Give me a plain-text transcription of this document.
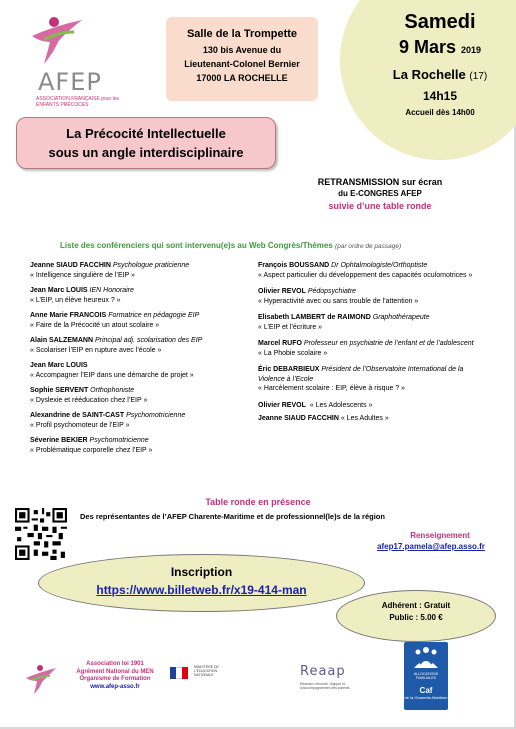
AFEP
ASSOCIATION FRANÇAISE pour les ENFANTS PRÉCOCES
Salle de la Trompette
130 bis Avenue du
Lieutenant-Colonel Bernier
17000 LA ROCHELLE
Samedi
9 Mars 2019
La Rochelle (17)
14h15
Accueil dès 14h00
La Précocité Intellectuelle
sous un angle interdisciplinaire
RETRANSMISSION sur écran
du E-CONGRES AFEP
suivie d’une table ronde
Liste des conférenciers qui sont intervenu(e)s au Web Congrès/Thèmes (par ordre de passage)
Jeanne SIAUD FACCHIN Psychologue praticienne
« Intelligence singulière de l’EIP »
Jean Marc LOUIS IEN Honoraire
« L’EIP, un élève heureux ? »
Anne Marie FRANCOIS Formatrice en pédagogie EIP
« Faire de la Précocité un atout scolaire »
Alain SALZEMANN Principal adj. scolarisation des EIP
« Scolariser l’EIP en rupture avec l’école »
Jean Marc LOUIS
« Accompagner l’EIP dans une démarche de projet »
Sophie SERVENT Orthophoniste
« Dyslexie et rééducation chez l’EIP »
Alexandrine de SAINT-CAST Psychomotricienne
« Profil psychomoteur de l’EIP »
Séverine BEKIER Psychomotricienne
« Problématique corporelle chez l’EIP »
François BOUSSAND Dr Ophtalmologiste/Orthoptiste
« Aspect particulier du développement des capacités oculomotrices »
Olivier REVOL Pédopsychiatre
« Hyperactivité avec ou sans trouble de l’attention »
Elisabeth LAMBERT de RAIMOND Graphothérapeute
« L’EIP et l’écriture »
Marcel RUFO Professeur en psychiatrie de l’enfant et de l’adolescent
« La Phobie scolaire »
Éric DEBARBIEUX Président de l’Observatoire International de la Violence à l’Ecole
« Harcèlement scolaire : EIP, élève à risque ? »
Olivier REVOL « Les Adolescents »
Jeanne SIAUD FACCHIN « Les Adultes »
Table ronde en présence
Des représentantes de l’AFEP Charente-Maritime et de professionnel(le)s de la région
Renseignement
afep17.pamela@afep.asso.fr
Inscription
https://www.billetweb.fr/x19-414-man
Adhérent : Gratuit
Public : 5.00 €
Association loi 1901
Agrément National du MEN
Organisme de Formation
www.afep-asso.fr
MINISTÈRE DE L'ÉDUCATION NATIONALE	Reaap
Réseaux d'écoute, d'appui et d'accompagnement des parents
ALLOCATIONS FAMILIALES
Caf
de la Charente-Maritime
